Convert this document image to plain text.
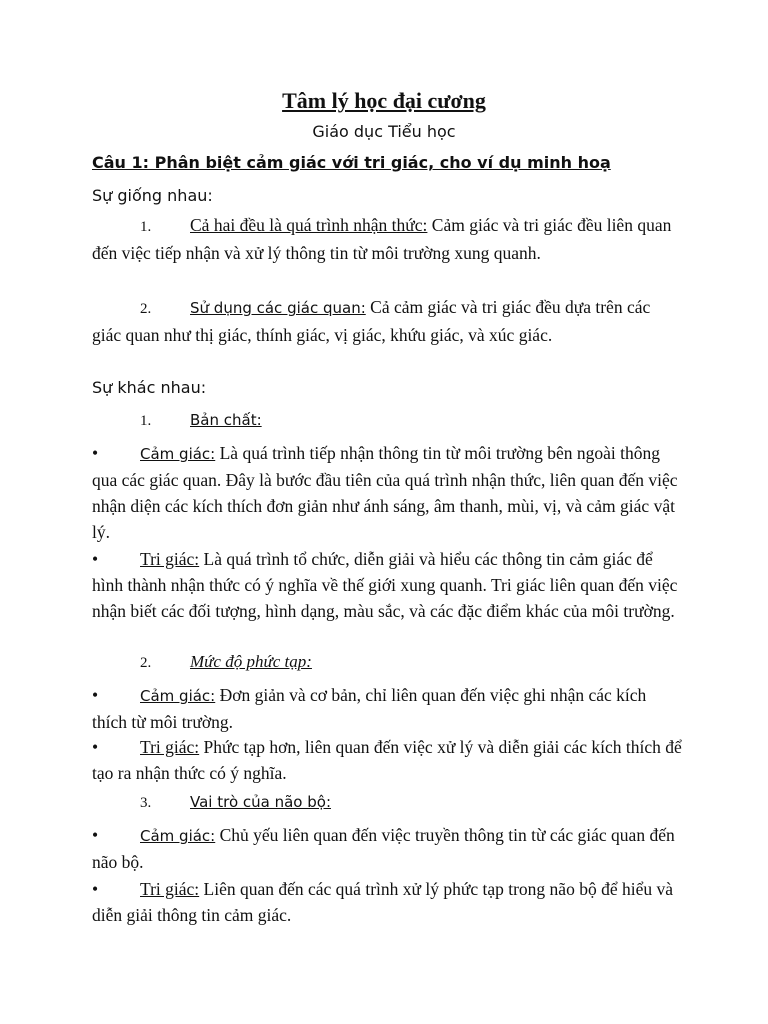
Tâm lý học đại cương
Giáo dục Tiểu học
Câu 1: Phân biệt cảm giác với tri giác, cho ví dụ minh hoạ
Sự giống nhau:
1. Cả hai đều là quá trình nhận thức: Cảm giác và tri giác đều liên quan đến việc tiếp nhận và xử lý thông tin từ môi trường xung quanh.
2.	Sử dụng các giác quan: Cả cảm giác và tri giác đều dựa trên các giác quan như thị giác, thính giác, vị giác, khứu giác, và xúc giác.
Sự khác nhau:
1.	Bản chất:
•	Cảm giác: Là quá trình tiếp nhận thông tin từ môi trường bên ngoài thông qua các giác quan. Đây là bước đầu tiên của quá trình nhận thức, liên quan đến việc nhận diện các kích thích đơn giản như ánh sáng, âm thanh, mùi, vị, và cảm giác vật lý.
• Tri giác: Là quá trình tổ chức, diễn giải và hiểu các thông tin cảm giác để hình thành nhận thức có ý nghĩa về thế giới xung quanh. Tri giác liên quan đến việc nhận biết các đối tượng, hình dạng, màu sắc, và các đặc điểm khác của môi trường.
2. Mức độ phức tạp:
•	Cảm giác: Đơn giản và cơ bản, chỉ liên quan đến việc ghi nhận các kích thích từ môi trường.
• Tri giác: Phức tạp hơn, liên quan đến việc xử lý và diễn giải các kích thích để tạo ra nhận thức có ý nghĩa.
3.	Vai trò của não bộ:
•	Cảm giác: Chủ yếu liên quan đến việc truyền thông tin từ các giác quan đến não bộ.
• Tri giác: Liên quan đến các quá trình xử lý phức tạp trong não bộ để hiểu và diễn giải thông tin cảm giác.
